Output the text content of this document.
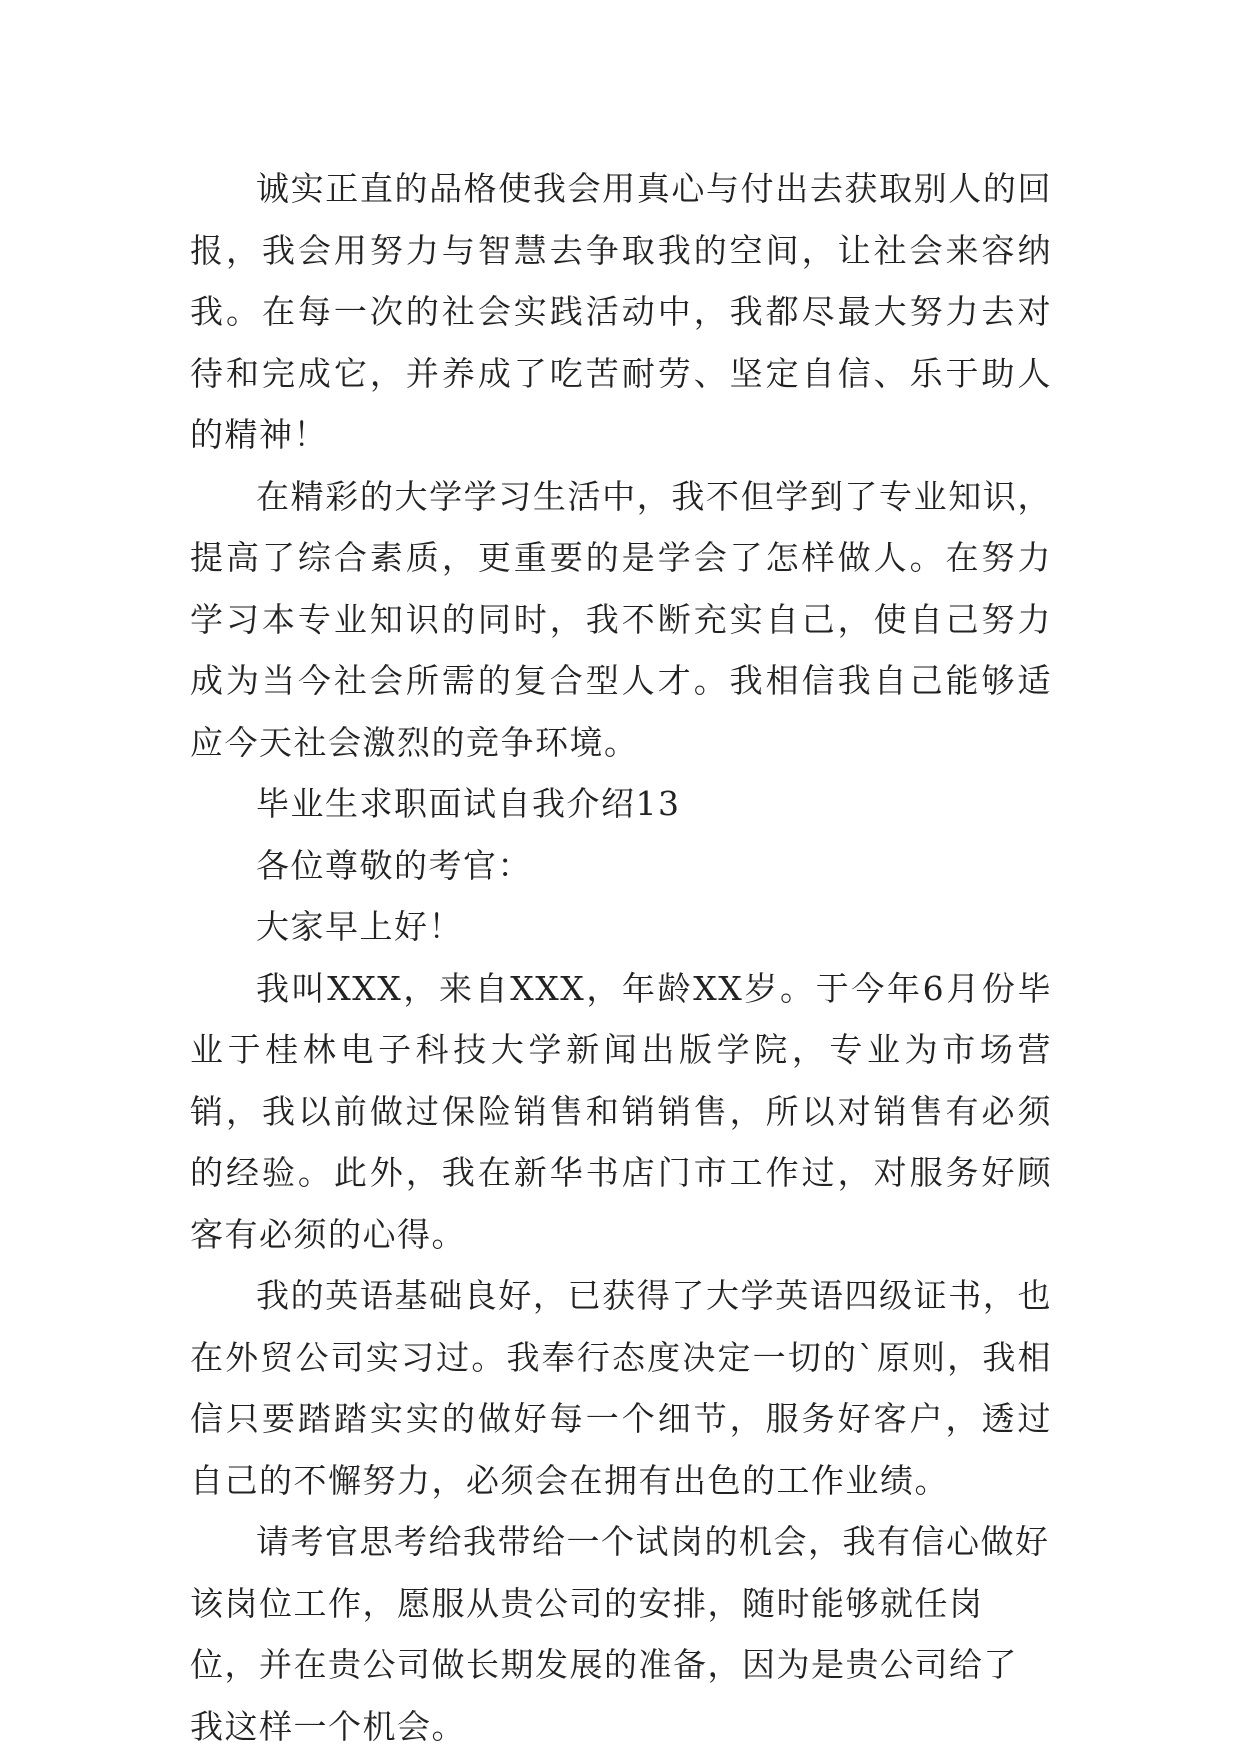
诚实正直的品格使我会用真心与付出去获取别人的回报，我会用努力与智慧去争取我的空间，让社会来容纳我。在每一次的社会实践活动中，我都尽最大努力去对待和完成它，并养成了吃苦耐劳、坚定自信、乐于助人的精神！

在精彩的大学学习生活中，我不但学到了专业知识，提高了综合素质，更重要的是学会了怎样做人。在努力学习本专业知识的同时，我不断充实自己，使自己努力成为当今社会所需的复合型人才。我相信我自己能够适应今天社会激烈的竞争环境。

毕业生求职面试自我介绍13

各位尊敬的考官：

大家早上好！

我叫XXX，来自XXX，年龄XX岁。于今年6月份毕业于桂林电子科技大学新闻出版学院，专业为市场营销，我以前做过保险销售和销销售，所以对销售有必须的经验。此外，我在新华书店门市工作过，对服务好顾客有必须的心得。

我的英语基础良好，已获得了大学英语四级证书，也在外贸公司实习过。我奉行态度决定一切的`原则，我相信只要踏踏实实的做好每一个细节，服务好客户，透过自己的不懈努力，必须会在拥有出色的工作业绩。

请考官思考给我带给一个试岗的机会，我有信心做好该岗位工作，愿服从贵公司的安排，随时能够就任岗位，并在贵公司做长期发展的准备，因为是贵公司给了我这样一个机会。
